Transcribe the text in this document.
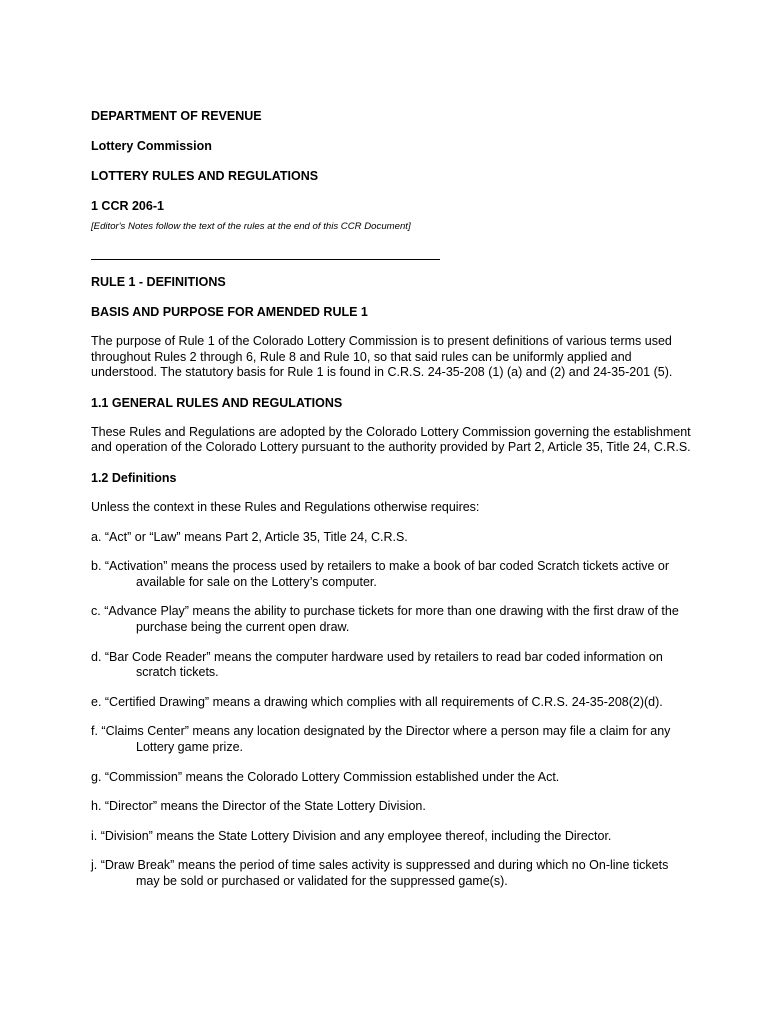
DEPARTMENT OF REVENUE

Lottery Commission

LOTTERY RULES AND REGULATIONS

1 CCR 206-1

[Editor's Notes follow the text of the rules at the end of this CCR Document]

RULE 1 - DEFINITIONS

BASIS AND PURPOSE FOR AMENDED RULE 1

The purpose of Rule 1 of the Colorado Lottery Commission is to present definitions of various terms used throughout Rules 2 through 6, Rule 8 and Rule 10, so that said rules can be uniformly applied and understood. The statutory basis for Rule 1 is found in C.R.S. 24-35-208 (1) (a) and (2) and 24-35-201 (5).

1.1 GENERAL RULES AND REGULATIONS

These Rules and Regulations are adopted by the Colorado Lottery Commission governing the establishment and operation of the Colorado Lottery pursuant to the authority provided by Part 2, Article 35, Title 24, C.R.S.

1.2 Definitions

Unless the context in these Rules and Regulations otherwise requires:

a. “Act” or “Law” means Part 2, Article 35, Title 24, C.R.S.

b. “Activation” means the process used by retailers to make a book of bar coded Scratch tickets active or available for sale on the Lottery’s computer.

c. “Advance Play” means the ability to purchase tickets for more than one drawing with the first draw of the purchase being the current open draw.

d. “Bar Code Reader” means the computer hardware used by retailers to read bar coded information on scratch tickets.

e. “Certified Drawing” means a drawing which complies with all requirements of C.R.S. 24-35-208(2)(d).

f. “Claims Center” means any location designated by the Director where a person may file a claim for any Lottery game prize.

g. “Commission” means the Colorado Lottery Commission established under the Act.

h. “Director” means the Director of the State Lottery Division.

i. “Division” means the State Lottery Division and any employee thereof, including the Director.

j. “Draw Break” means the period of time sales activity is suppressed and during which no On-line tickets may be sold or purchased or validated for the suppressed game(s).
